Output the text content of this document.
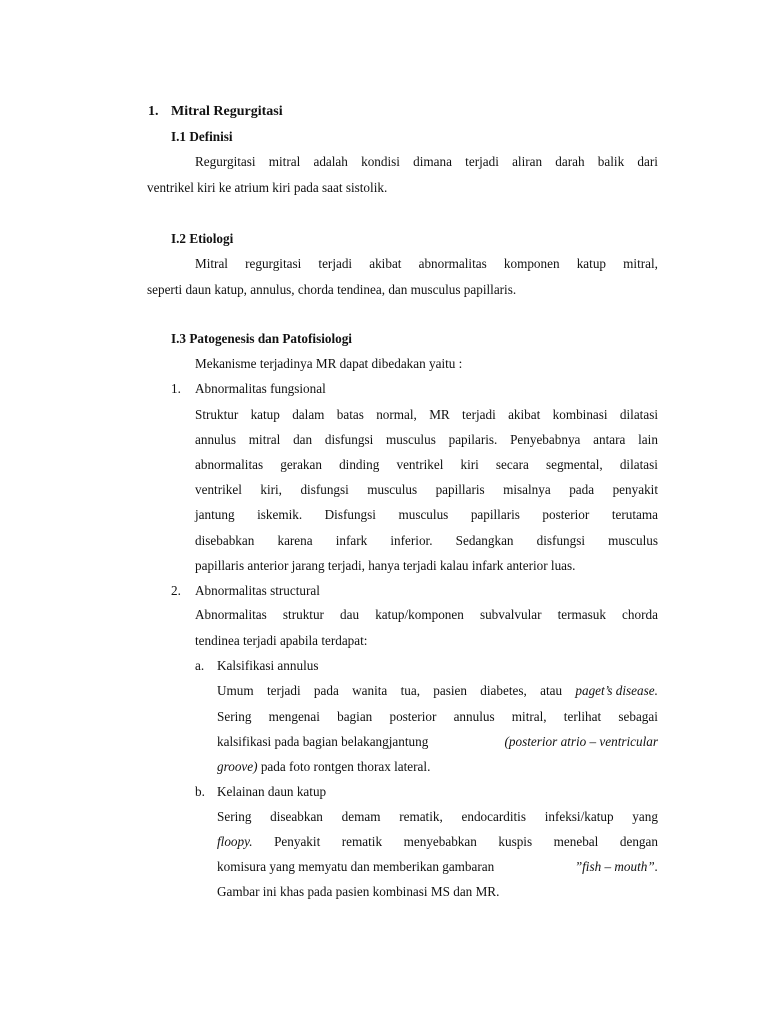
1. Mitral Regurgitasi
I.1 Definisi
Regurgitasi mitral adalah kondisi dimana terjadi aliran darah balik dari
ventrikel kiri ke atrium kiri pada saat sistolik.
I.2 Etiologi
Mitral regurgitasi terjadi akibat abnormalitas komponen katup mitral,
seperti daun katup, annulus, chorda tendinea, dan musculus papillaris.
I.3 Patogenesis dan Patofisiologi
Mekanisme terjadinya MR dapat dibedakan yaitu :
1. Abnormalitas fungsional
Struktur katup dalam batas normal, MR terjadi akibat kombinasi dilatasi
annulus mitral dan disfungsi musculus papilaris. Penyebabnya antara lain
abnormalitas gerakan dinding ventrikel kiri secara segmental, dilatasi
ventrikel kiri, disfungsi musculus papillaris misalnya pada penyakit
jantung iskemik. Disfungsi musculus papillaris posterior terutama
disebabkan karena infark inferior. Sedangkan disfungsi musculus
papillaris anterior jarang terjadi, hanya terjadi kalau infark anterior luas.
2. Abnormalitas structural
Abnormalitas struktur dau katup/komponen subvalvular termasuk chorda
tendinea terjadi apabila terdapat:
a. Kalsifikasi annulus
Umum terjadi pada wanita tua, pasien diabetes, atau paget’s disease.
Sering mengenai bagian posterior annulus mitral, terlihat sebagai
kalsifikasi pada bagian belakangjantung	(posterior atrio – ventricular
groove) pada foto rontgen thorax lateral.
b. Kelainan daun katup
Sering diseabkan demam rematik, endocarditis infeksi/katup yang
floopy. Penyakit rematik menyebabkan kuspis menebal dengan
komisura yang memyatu dan memberikan gambaran	”fish – mouth”.
Gambar ini khas pada pasien kombinasi MS dan MR.
